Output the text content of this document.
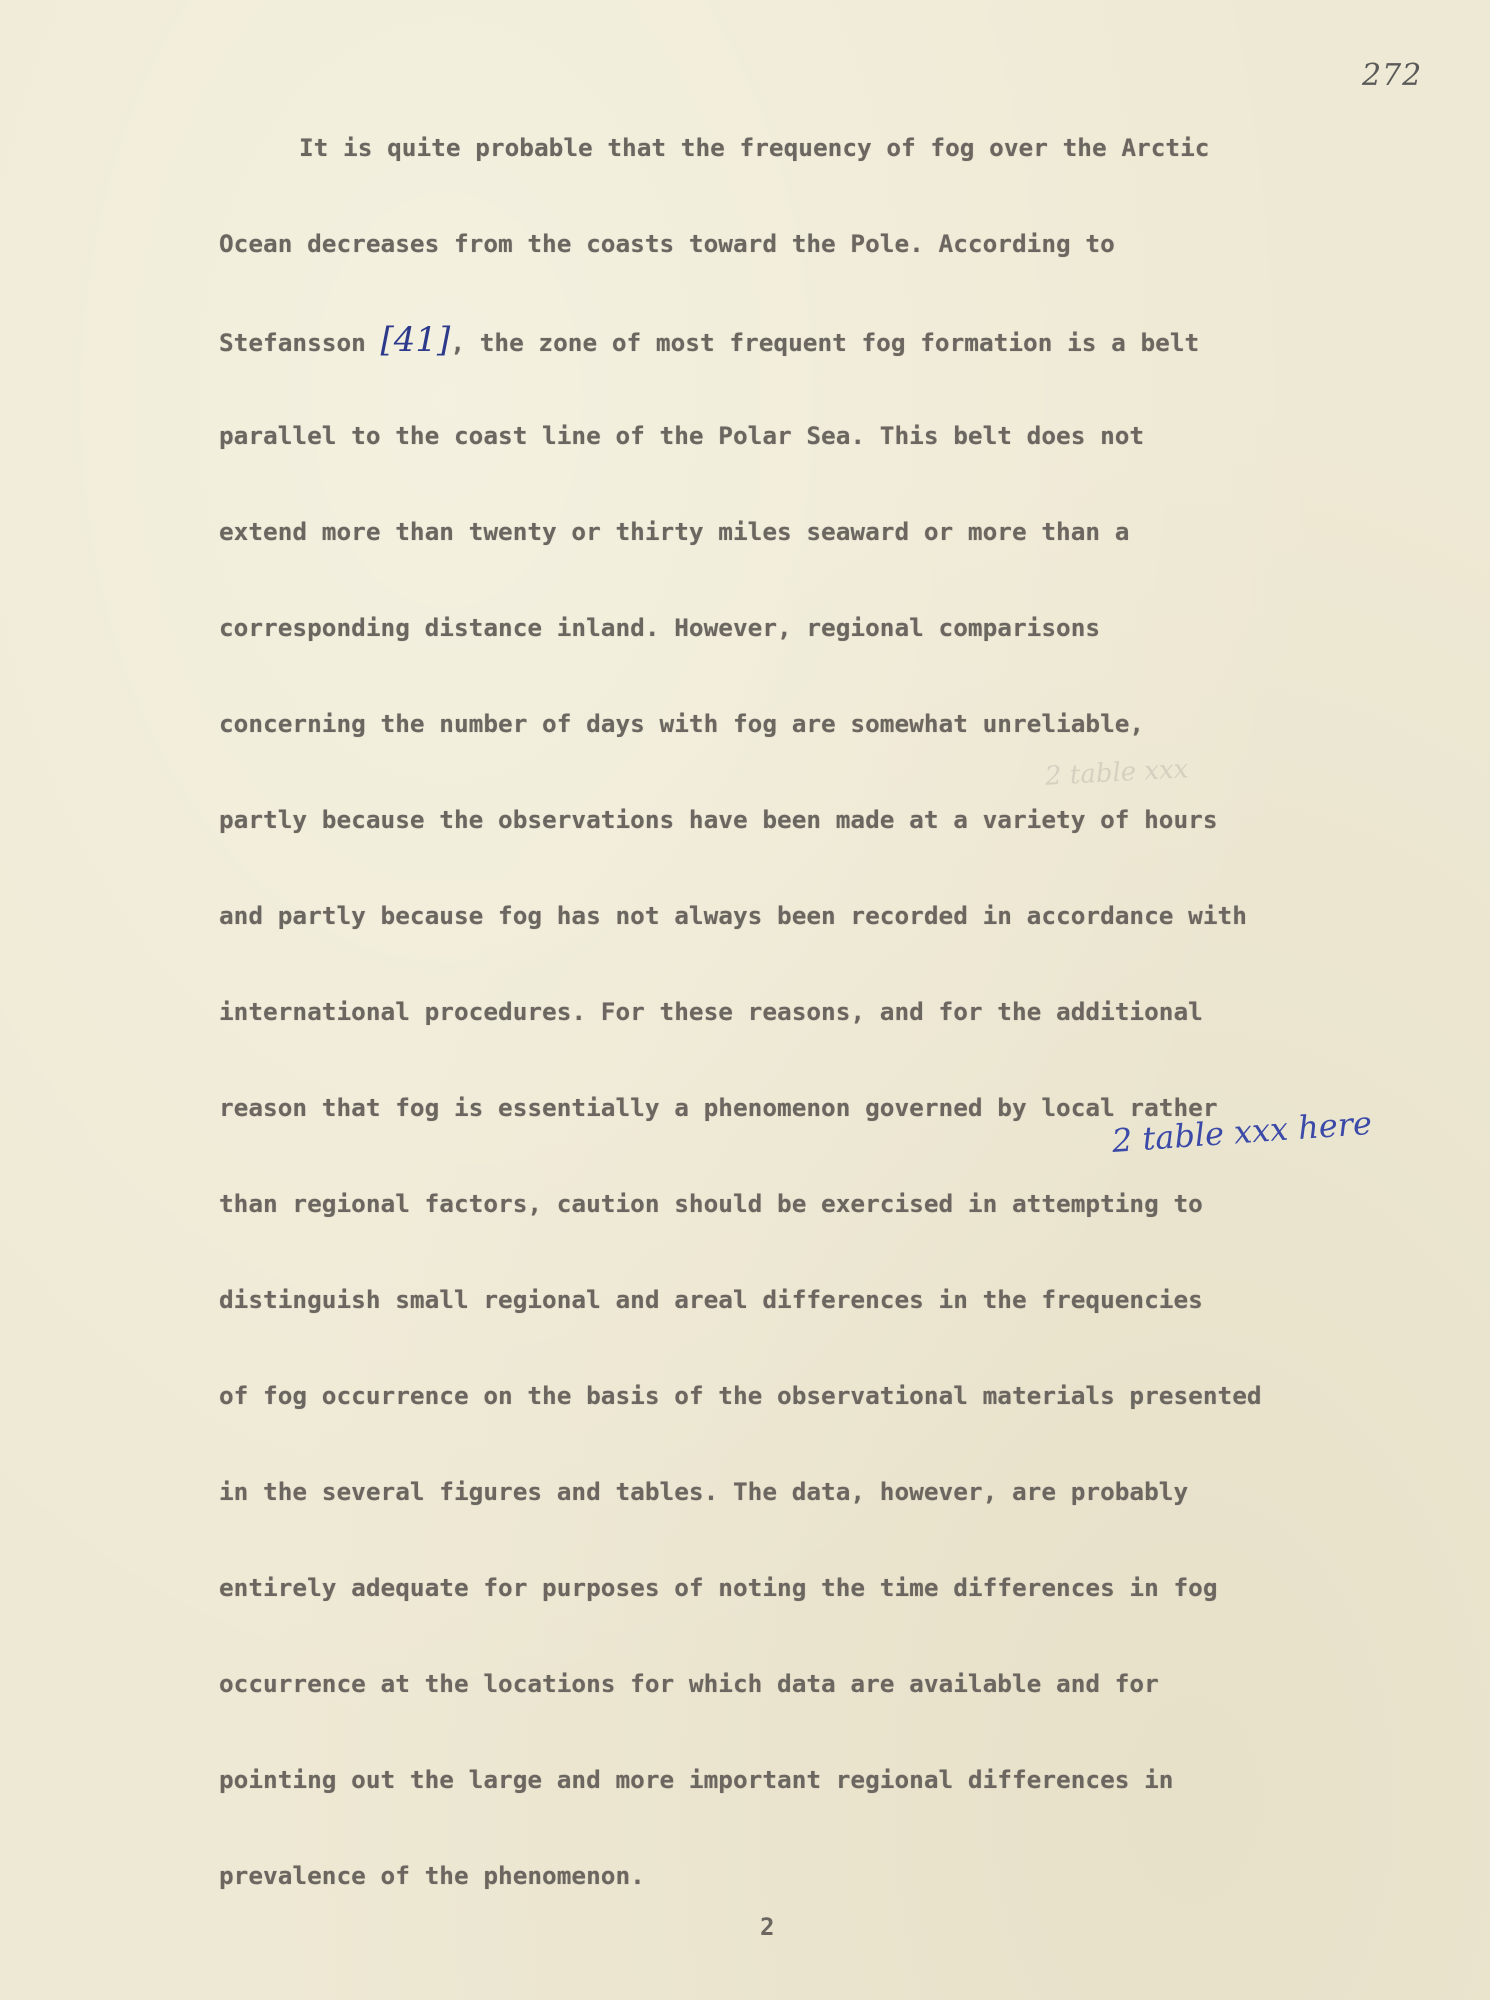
272
2 table xxx
It is quite probable that the frequency of fog over the Arctic
Ocean decreases from the coasts toward the Pole. According to
Stefansson [41], the zone of most frequent fog formation is a belt
parallel to the coast line of the Polar Sea. This belt does not
extend more than twenty or thirty miles seaward or more than a
corresponding distance inland. However, regional comparisons
concerning the number of days with fog are somewhat unreliable,
partly because the observations have been made at a variety of hours
and partly because fog has not always been recorded in accordance with
international procedures. For these reasons, and for the additional
reason that fog is essentially a phenomenon governed by local rather
than regional factors, caution should be exercised in attempting to
distinguish small regional and areal differences in the frequencies
of fog occurrence on the basis of the observational materials presented
in the several figures and tables. The data, however, are probably
entirely adequate for purposes of noting the time differences in fog
occurrence at the locations for which data are available and for
pointing out the large and more important regional differences in
prevalence of the phenomenon.
2 table xxx here
2
